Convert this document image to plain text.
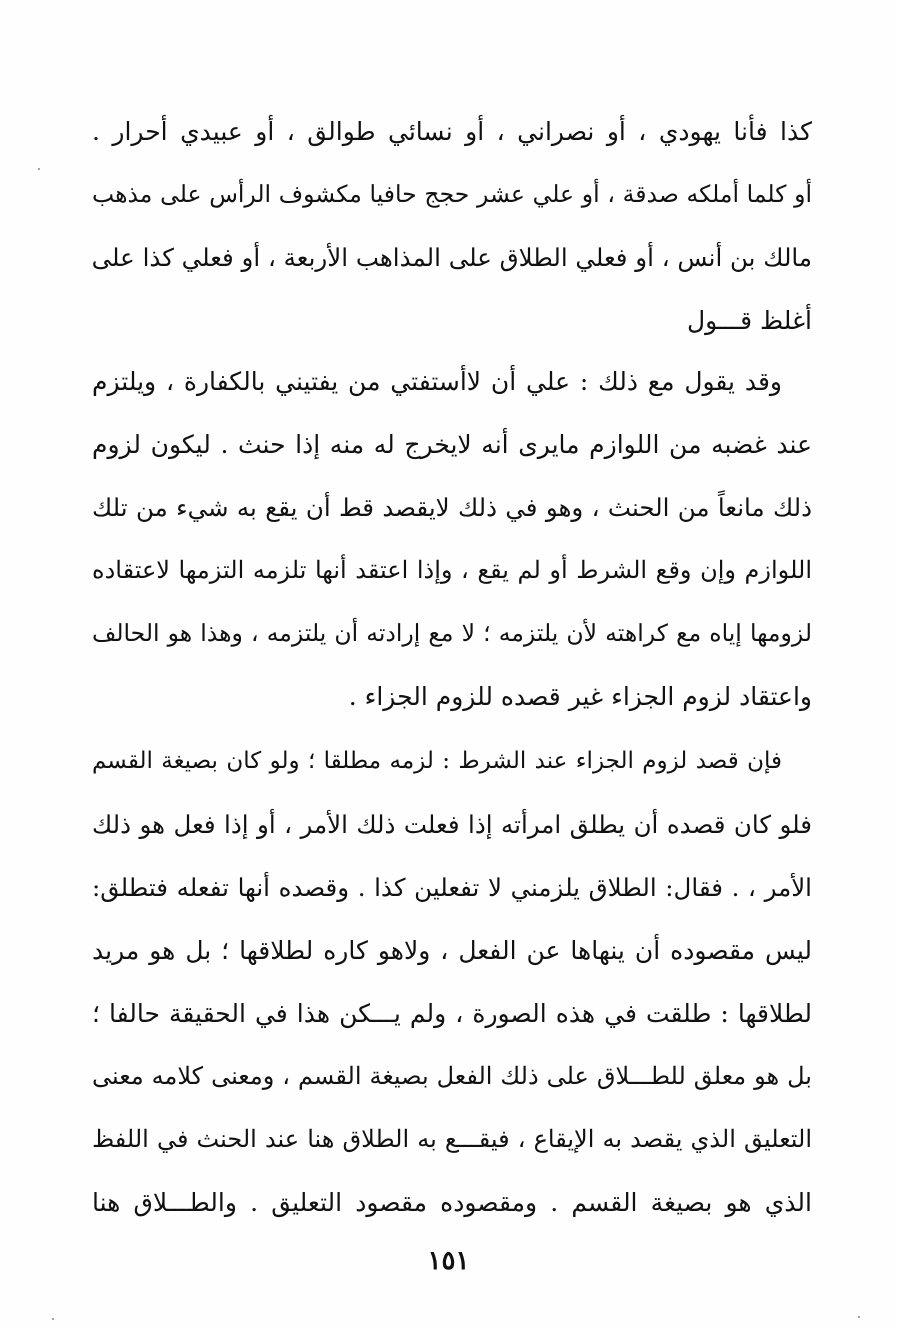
كذا فأنا يهودي ، أو نصراني ، أو نسائي طوالق ، أو عبيدي أحرار .
أو كلما أملكه صدقة ، أو علي عشر حجج حافيا مكشوف الرأس على مذهب
مالك بن أنس ، أو فعلي الطلاق على المذاهب الأربعة ، أو فعلي كذا على
أغلظ قـــول
وقد يقول مع ذلك : علي أن لاأستفتي من يفتيني بالكفارة ، ويلتزم
عند غضبه من اللوازم مايرى أنه لايخرج له منه إذا حنث . ليكون لزوم
ذلك مانعاً من الحنث ، وهو في ذلك لايقصد قط أن يقع به شيء من تلك
اللوازم وإن وقع الشرط أو لم يقع ، وإذا اعتقد أنها تلزمه التزمها لاعتقاده
لزومها إياه مع كراهته لأن يلتزمه ؛ لا مع إرادته أن يلتزمه ، وهذا هو الحالف
واعتقاد لزوم الجزاء غير قصده للزوم الجزاء .
فإن قصد لزوم الجزاء عند الشرط : لزمه مطلقا ؛ ولو كان بصيغة القسم
فلو كان قصده أن يطلق امرأته إذا فعلت ذلك الأمر ، أو إذا فعل هو ذلك
الأمر ، . فقال: الطلاق يلزمني لا تفعلين كذا . وقصده أنها تفعله فتطلق:
ليس مقصوده أن ينهاها عن الفعل ، ولاهو كاره لطلاقها ؛ بل هو مريد
لطلاقها : طلقت في هذه الصورة ، ولم يـــكن هذا في الحقيقة حالفا ؛
بل هو معلق للطـــلاق على ذلك الفعل بصيغة القسم ، ومعنى كلامه معنى
التعليق الذي يقصد به الإيقاع ، فيقـــع به الطلاق هنا عند الحنث في اللفظ
الذي هو بصيغة القسم . ومقصوده مقصود التعليق . والطـــلاق هنا
١٥١
